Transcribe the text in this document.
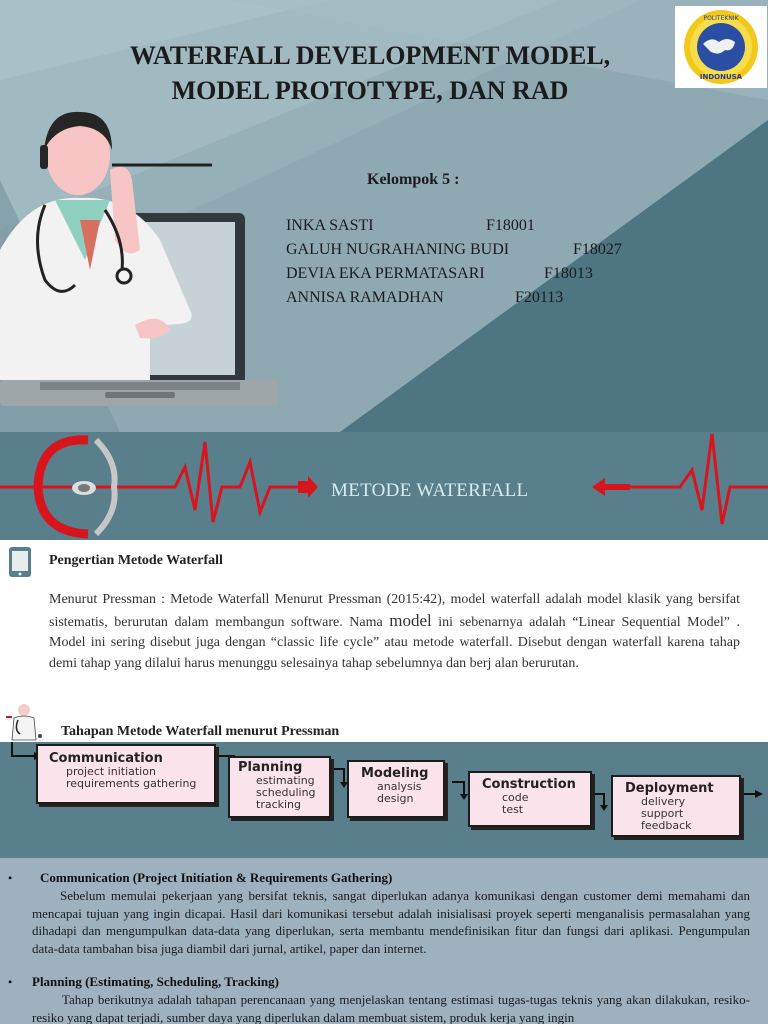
WATERFALL DEVELOPMENT MODEL, MODEL PROTOTYPE, DAN RAD
Kelompok 5 :
INKA SASTI	F18001
GALUH NUGRAHANING BUDI	F18027
DEVIA EKA PERMATASARI	F18013
ANNISA RAMADHAN	F20113
POLITEKNIK
INDONUSA
METODE WATERFALL
Pengertian Metode Waterfall
Menurut Pressman : Metode Waterfall Menurut Pressman (2015:42), model waterfall adalah model klasik yang bersifat sistematis, berurutan dalam membangun software. Nama model ini sebenarnya adalah “Linear Sequential Model” . Model ini sering disebut juga dengan “classic life cycle” atau metode waterfall. Disebut dengan waterfall karena tahap demi tahap yang dilalui harus menunggu selesainya tahap sebelumnya dan berj alan berurutan.
Tahapan Metode Waterfall menurut Pressman
Communication
project initiation
requirements gathering
Planning
estimating
scheduling
tracking
Modeling
analysis
design
Construction
code
test
Deployment
delivery
support
feedback
• Communication (Project Initiation & Requirements Gathering)
Sebelum memulai pekerjaan yang bersifat teknis, sangat diperlukan adanya komunikasi dengan customer demi memahami dan mencapai tujuan yang ingin dicapai. Hasil dari komunikasi tersebut adalah inisialisasi proyek seperti menganalisis permasalahan yang dihadapi dan mengumpulkan data-data yang diperlukan, serta membantu mendefinisikan fitur dan fungsi dari aplikasi. Pengumpulan data-data tambahan bisa juga diambil dari jurnal, artikel, paper dan internet.
• Planning (Estimating, Scheduling, Tracking)
Tahap berikutnya adalah tahapan perencanaan yang menjelaskan tentang estimasi tugas-tugas teknis yang akan dilakukan, resiko-resiko yang dapat terjadi, sumber daya yang diperlukan dalam membuat sistem, produk kerja yang ingin
